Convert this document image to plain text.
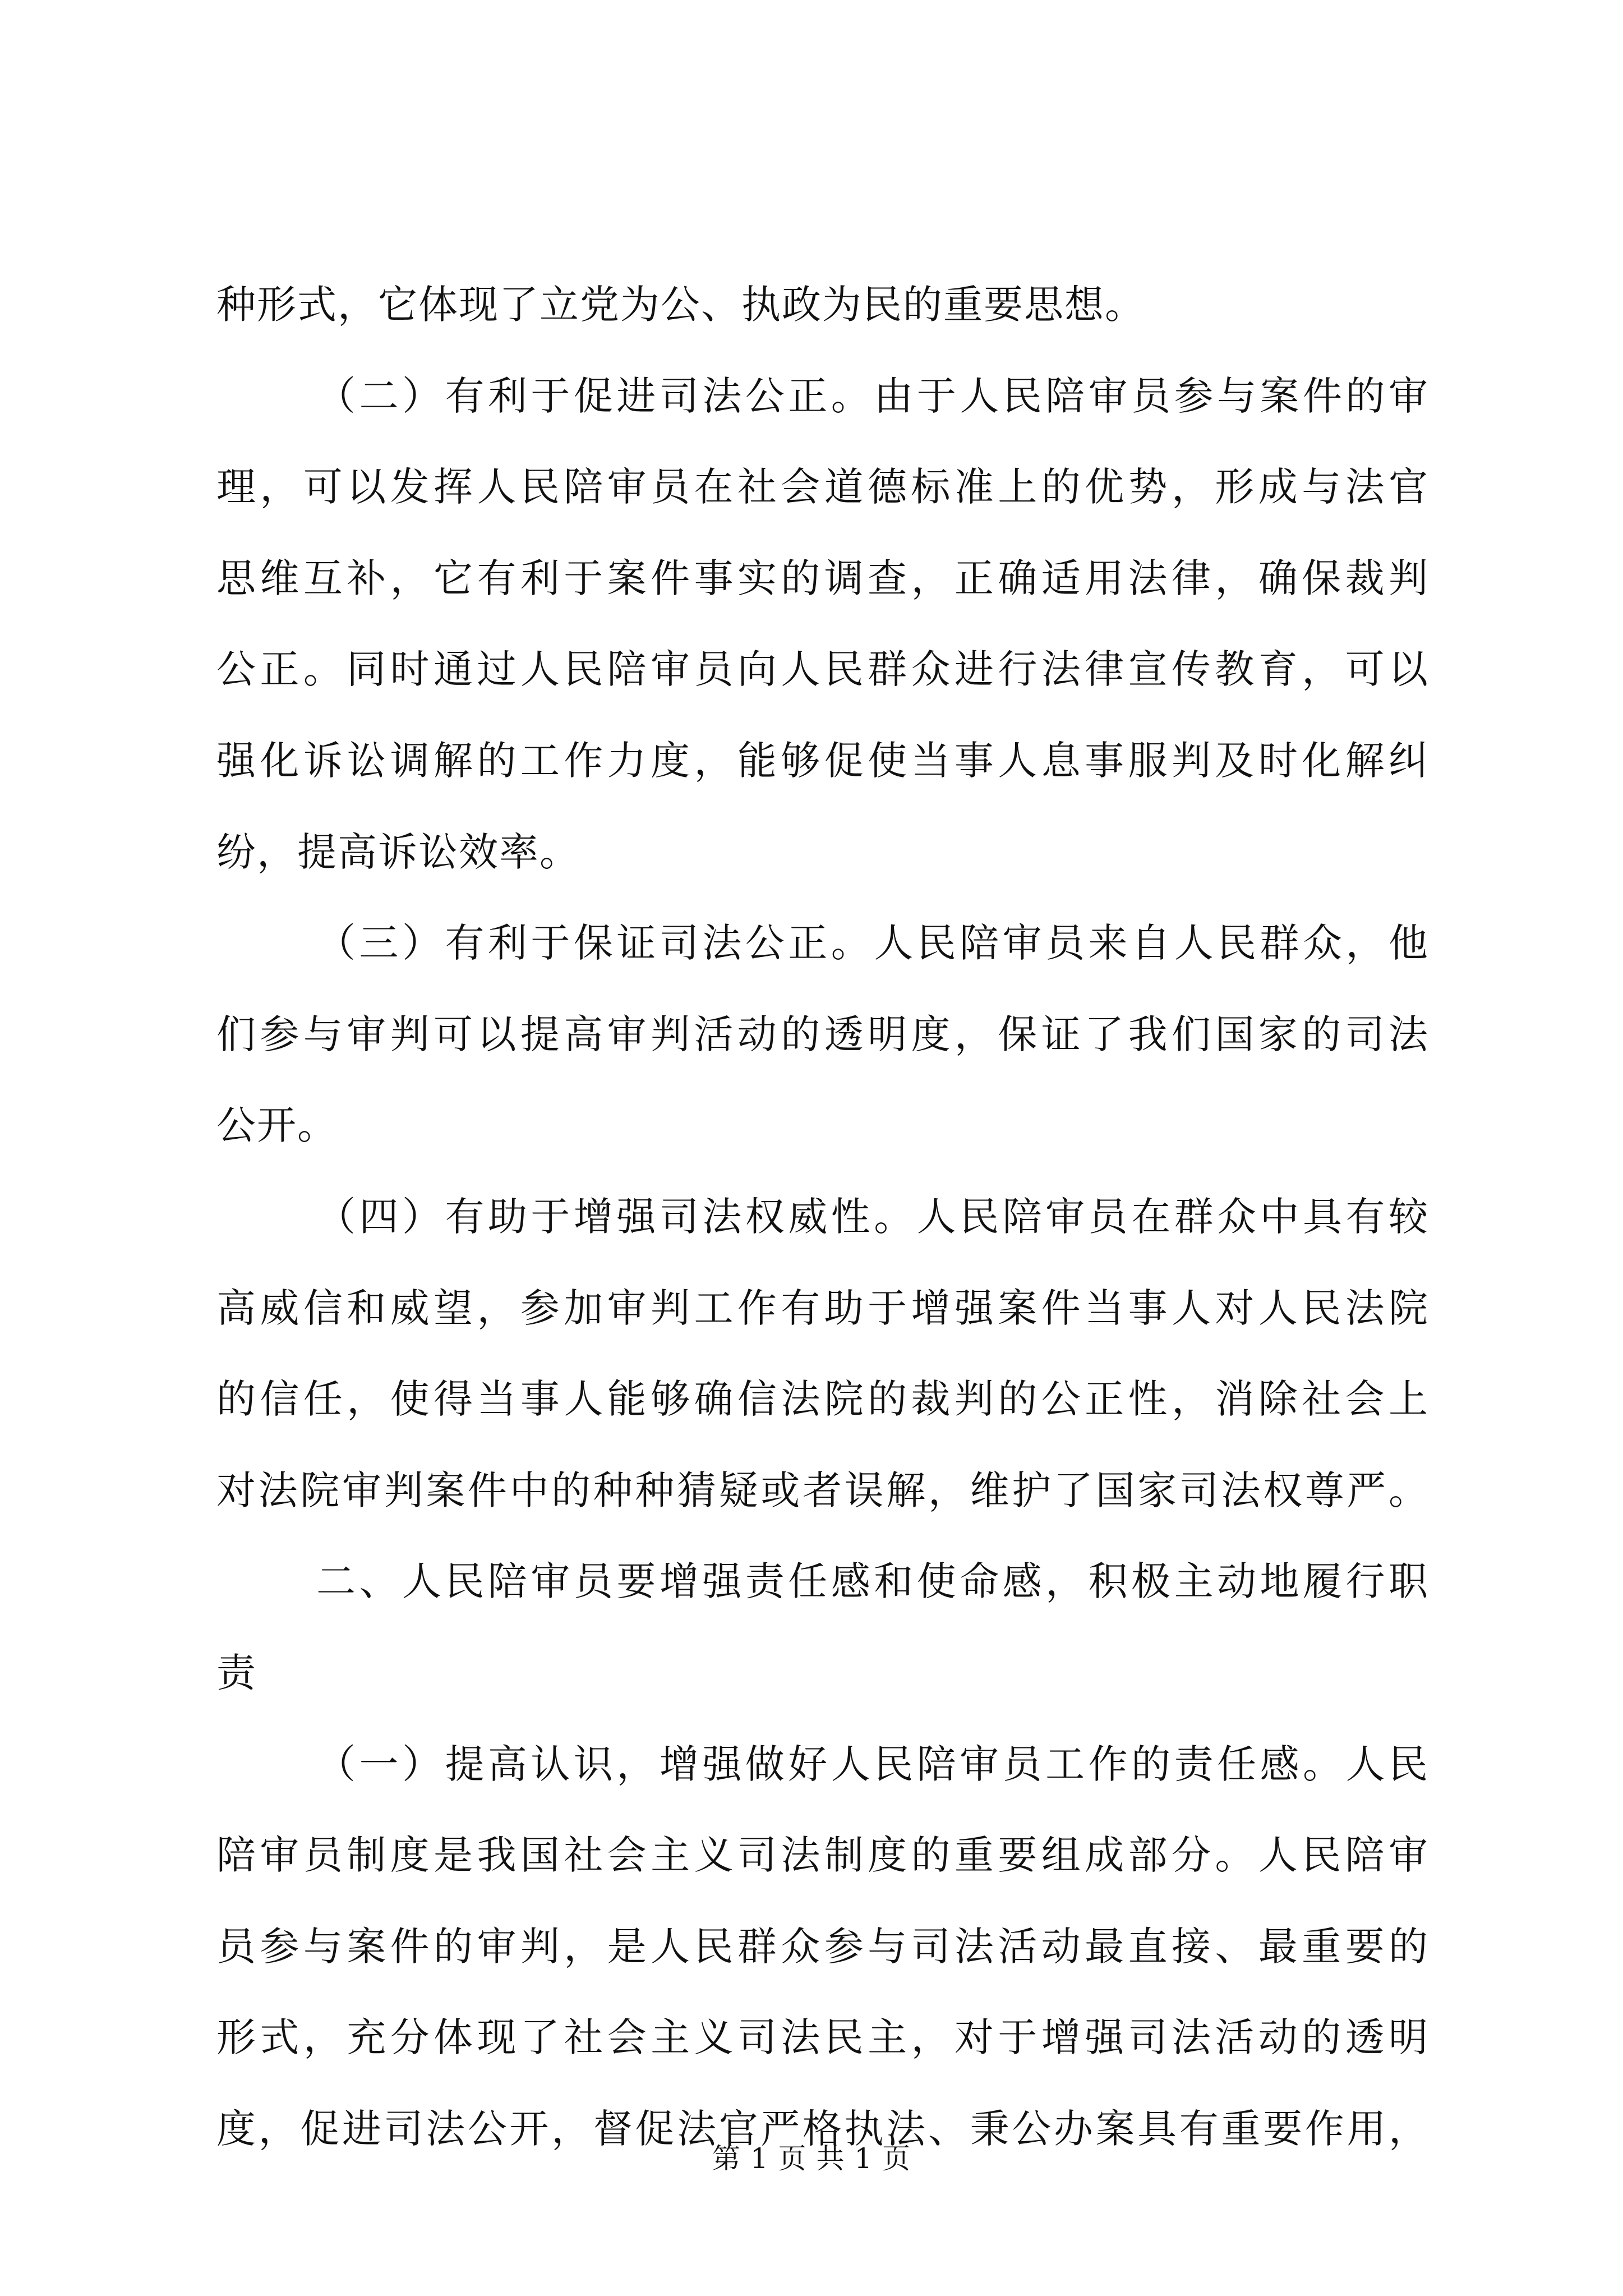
种形式，它体现了立党为公、执政为民的重要思想。
（二）有利于促进司法公正。由于人民陪审员参与案件的审
理，可以发挥人民陪审员在社会道德标准上的优势，形成与法官
思维互补，它有利于案件事实的调查，正确适用法律，确保裁判
公正。同时通过人民陪审员向人民群众进行法律宣传教育，可以
强化诉讼调解的工作力度，能够促使当事人息事服判及时化解纠
纷，提高诉讼效率。
（三）有利于保证司法公正。人民陪审员来自人民群众，他
们参与审判可以提高审判活动的透明度，保证了我们国家的司法
公开。
（四）有助于增强司法权威性。人民陪审员在群众中具有较
高威信和威望，参加审判工作有助于增强案件当事人对人民法院
的信任，使得当事人能够确信法院的裁判的公正性，消除社会上
对法院审判案件中的种种猜疑或者误解，维护了国家司法权尊严。
二、人民陪审员要增强责任感和使命感，积极主动地履行职
责
（一）提高认识，增强做好人民陪审员工作的责任感。人民
陪审员制度是我国社会主义司法制度的重要组成部分。人民陪审
员参与案件的审判，是人民群众参与司法活动最直接、最重要的
形式，充分体现了社会主义司法民主，对于增强司法活动的透明
度，促进司法公开，督促法官严格执法、秉公办案具有重要作用，
第 1 页 共 1 页
